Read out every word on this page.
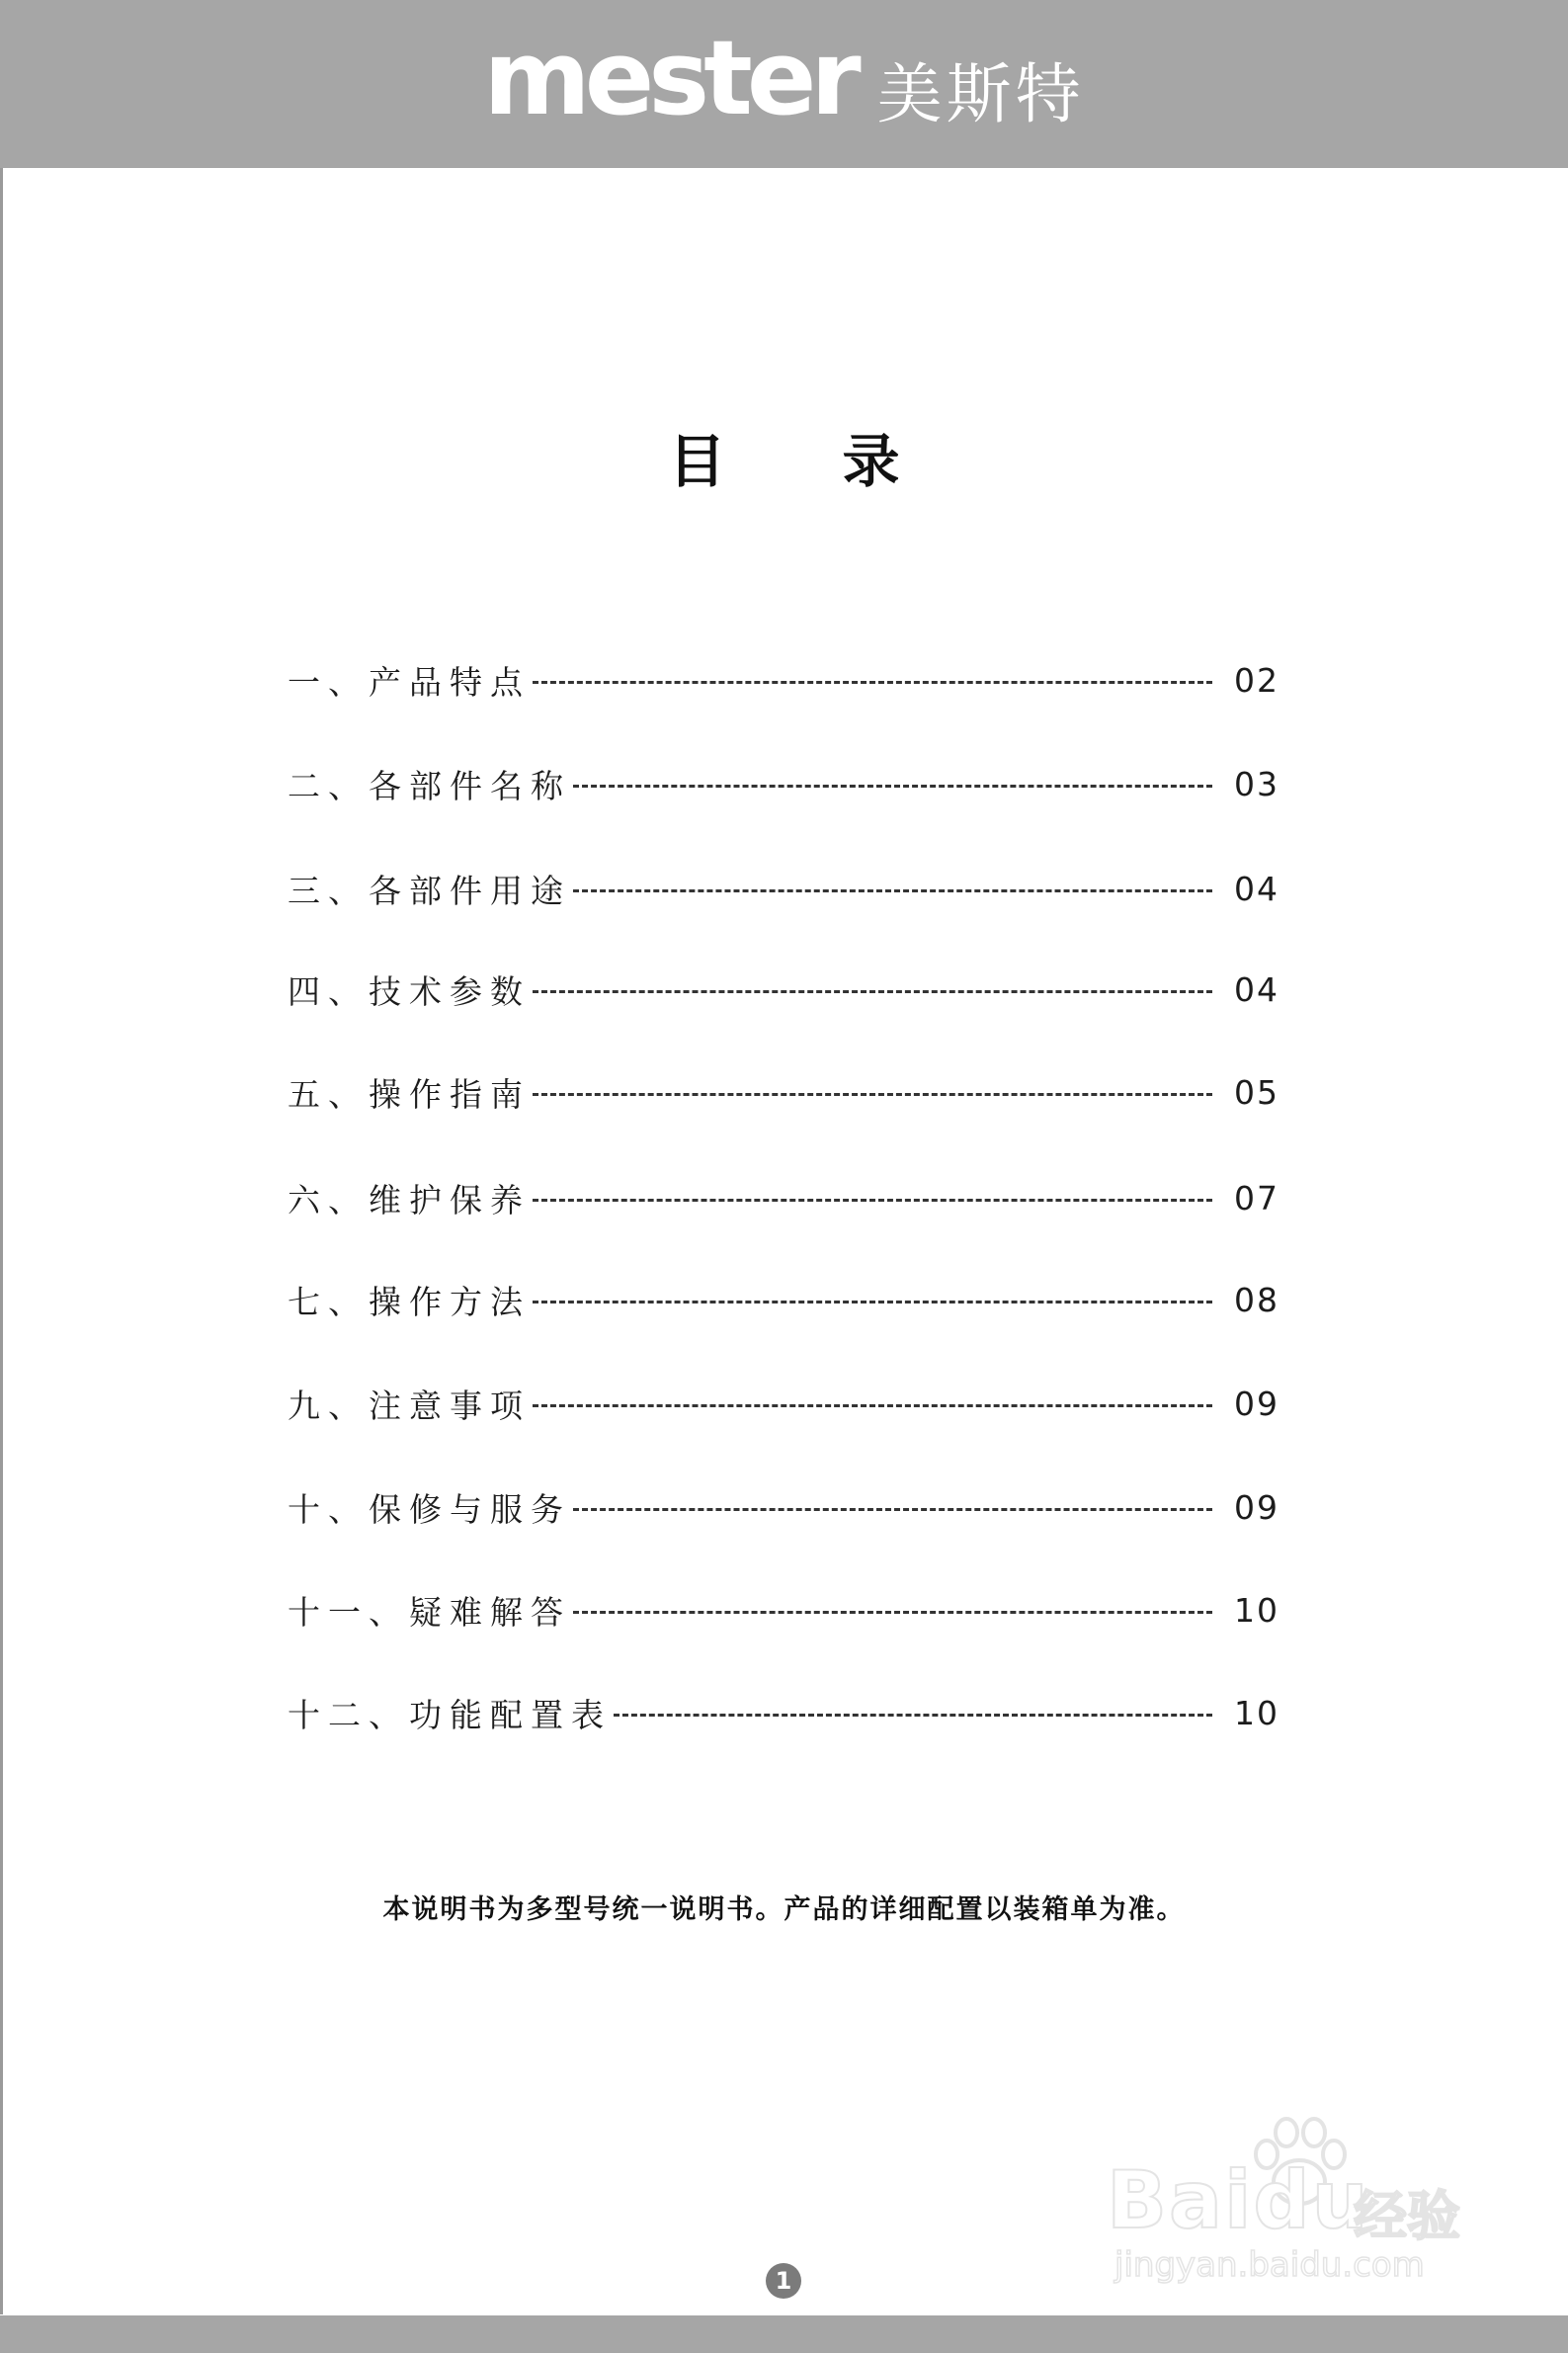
mester 美斯特
目录
一、产品特点	02
二、各部件名称	03
三、各部件用途	04
四、技术参数	04
五、操作指南	05
六、维护保养	07
七、操作方法	08
九、注意事项	09
十、保修与服务	09
十一、疑难解答	10
十二、功能配置表	10
本说明书为多型号统一说明书。产品的详细配置以装箱单为准。
Baidu
经验
jingyan.baidu.com
1
